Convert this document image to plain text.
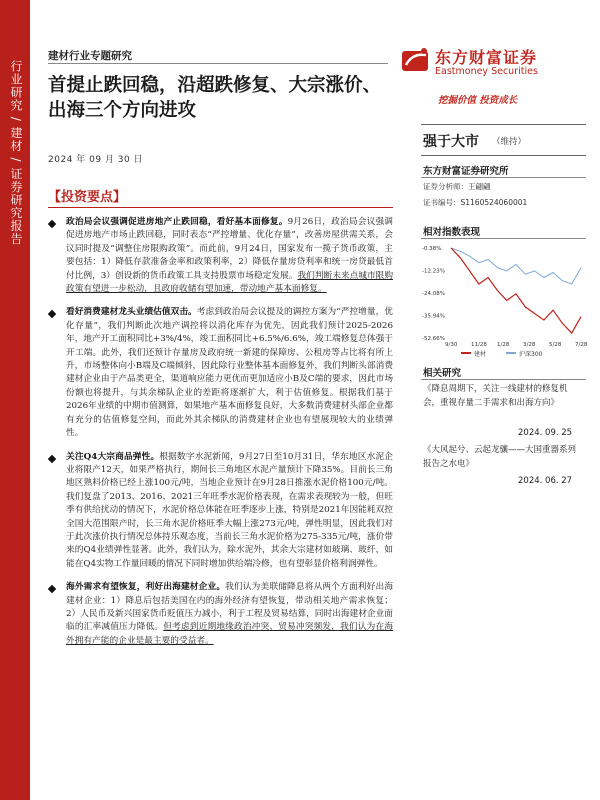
行业研究 / 建材 / 证券研究报告
建材行业专题研究	东方财富证券
Eastmoney Securities
挖掘价值 投资成长
首提止跌回稳，沿超跌修复、大宗涨价、出海三个方向进攻
2024 年 09 月 30 日
强于大市 （维持）
东方财富证券研究所
证券分析师：王翩翩
证书编号：S1160524060001
相对指数表现
-0.38%
-12.23%
-24.08%
-35.94%
-52.66%
9/30 11/28 1/28 3/28 5/28 7/28
建材	沪深300
相关研究
《降息周期下，关注一线建材的修复机会，重视存量二手需求和出海方向》
2024. 09. 25
《大风起兮、云起龙骧——大国重器系列报告之水电》
2024. 06. 27
【投资要点】
政治局会议强调促进房地产止跌回稳，看好基本面修复。9月26日，政治局会议强调促进房地产市场止跌回稳，同时表态“严控增量、优化存量”，改善房屋供需关系，会议同时提及“调整住房限购政策”。而此前，9月24日，国家发布一揽子货币政策，主要包括：1）降低存款准备金率和政策利率，2）降低存量房贷利率和统一房贷最低首付比例，3）创设新的货币政策工具支持股票市场稳定发展。我们判断未来点城市限购政策有望进一步松动，且政府收储有望加速，带动地产基本面修复。
看好消费建材龙头业绩估值双击。考虑到政治局会议提及的调控方案为“严控增量，优化存量”，我们判断此次地产调控将以消化库存为优先，因此我们预计2025-2026年，地产开工面积同比+3%/4%，竣工面积同比+6.5%/6.6%，竣工端修复总体强于开工端。此外，我们还预计存量房及政府统一新建的保障房、公租房等占比将有所上升，市场整体向小B端及C端倾斜，因此除行业整体基本面修复外，我们判断头部消费建材企业由于产品类更全，渠道响应能力更优而更加适应小B及C端的要求，因此市场份额也将提升，与其余梯队企业的差距将逐渐扩大，利于估值修复。根据我们基于2026年业绩的中期市值测算，如果地产基本面修复良好，大多数消费建材头部企业都有充分的估值修复空间，而此外其余梯队的消费建材企业也有望展现较大的业绩弹性。
关注Q4大宗商品弹性。根据数字水泥新闻，9月27日至10月31日，华东地区水泥企业将限产12天，如果严格执行，期间长三角地区水泥产量预计下降35%。目前长三角地区熟料价格已经上涨100元/吨，当地企业预计在9月28日推涨水泥价格100元/吨。我们复盘了2013、2016、2021三年旺季水泥价格表现，在需求表现较为一般，但旺季有供给扰动的情况下，水泥价格总体能在旺季逐步上涨，特别是2021年因能耗双控全国大范围限产时，长三角水泥价格旺季大幅上涨273元/吨，弹性明显，因此我们对于此次涨价执行情况总体持乐观态度，当前长三角水泥价格为275-335元/吨，涨价带来的Q4业绩弹性显著。此外，我们认为，除水泥外，其余大宗建材如玻璃、玻纤，如能在Q4实物工作量回暖的情况下同时增加供给端冷修，也有望彰显价格利润弹性。
海外需求有望恢复，利好出海建材企业。我们认为美联储降息将从两个方面利好出海建材企业：1）降息后包括美国在内的海外经济有望恢复，带动相关地产需求恢复；2）人民币及新兴国家货币贬值压力减小，利于工程及贸易结算，同时出海建材企业面临的汇率减值压力降低。但考虑到近期地缘政治冲突、贸易冲突频发，我们认为在海外拥有产能的企业是最主要的受益者。
